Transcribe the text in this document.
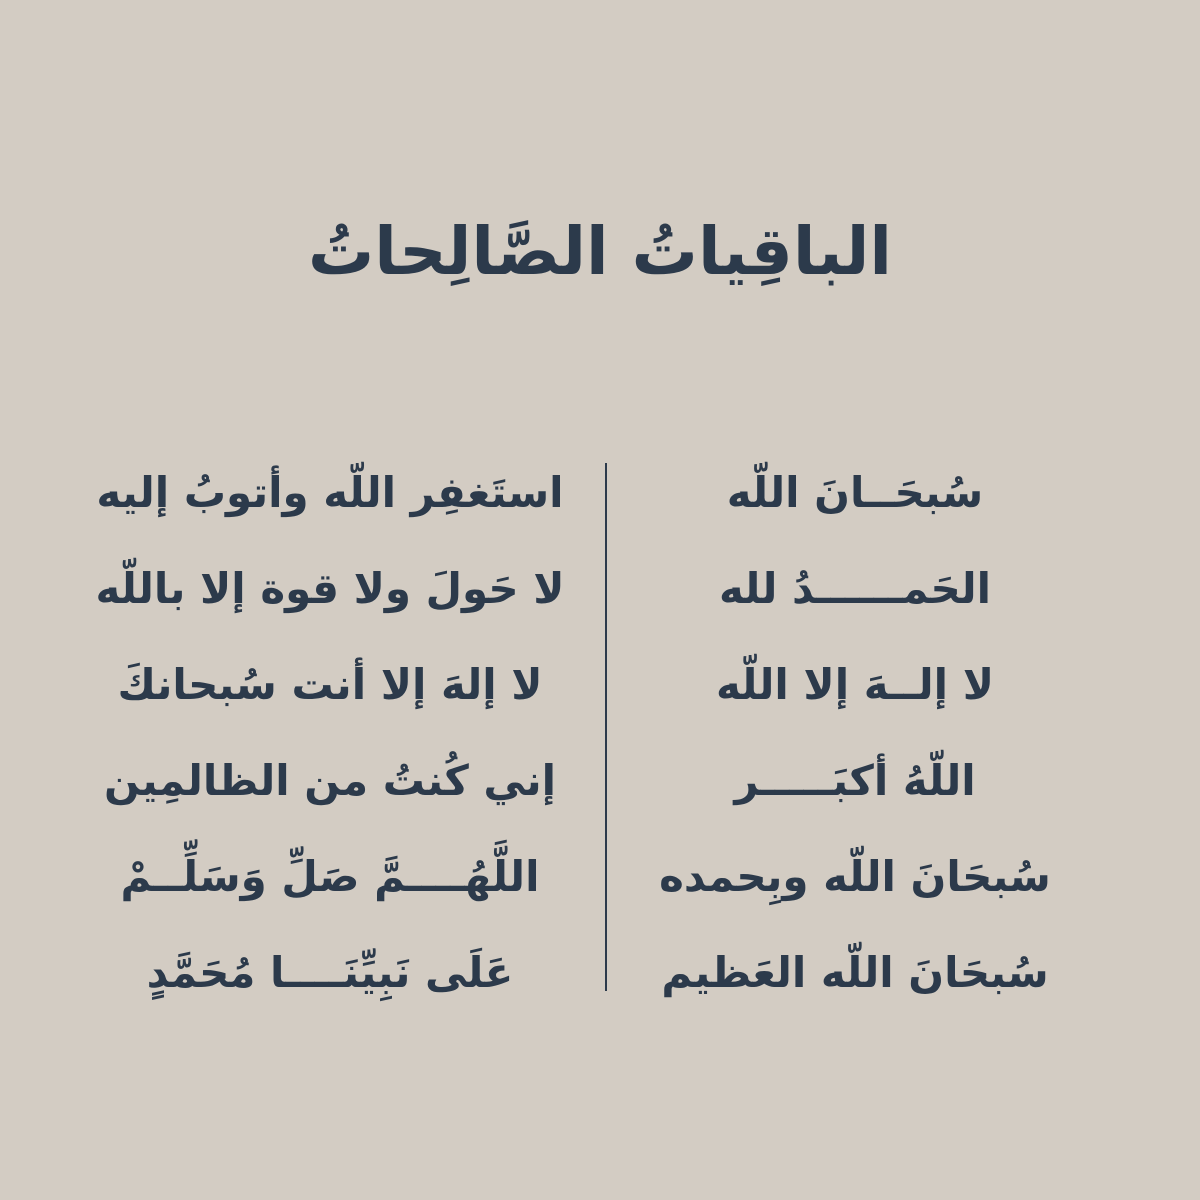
الباقِياتُ الصَّالِحاتُ
سُبحَــانَ اللّه
الحَمــــــدُ لله
لا إلــهَ إلا اللّه
اللّهُ أكبَـــــر
سُبحَانَ اللّه وبِحمده
سُبحَانَ اللّه العَظيم
استَغفِر اللّه وأتوبُ إليه
لا حَولَ ولا قوة إلا باللّه
لا إلهَ إلا أنت سُبحانكَ
إني كُنتُ من الظالمِين
اللَّهُــــمَّ صَلِّ وَسَلِّــمْ
عَلَى نَبِيِّنَــــا مُحَمَّدٍ
